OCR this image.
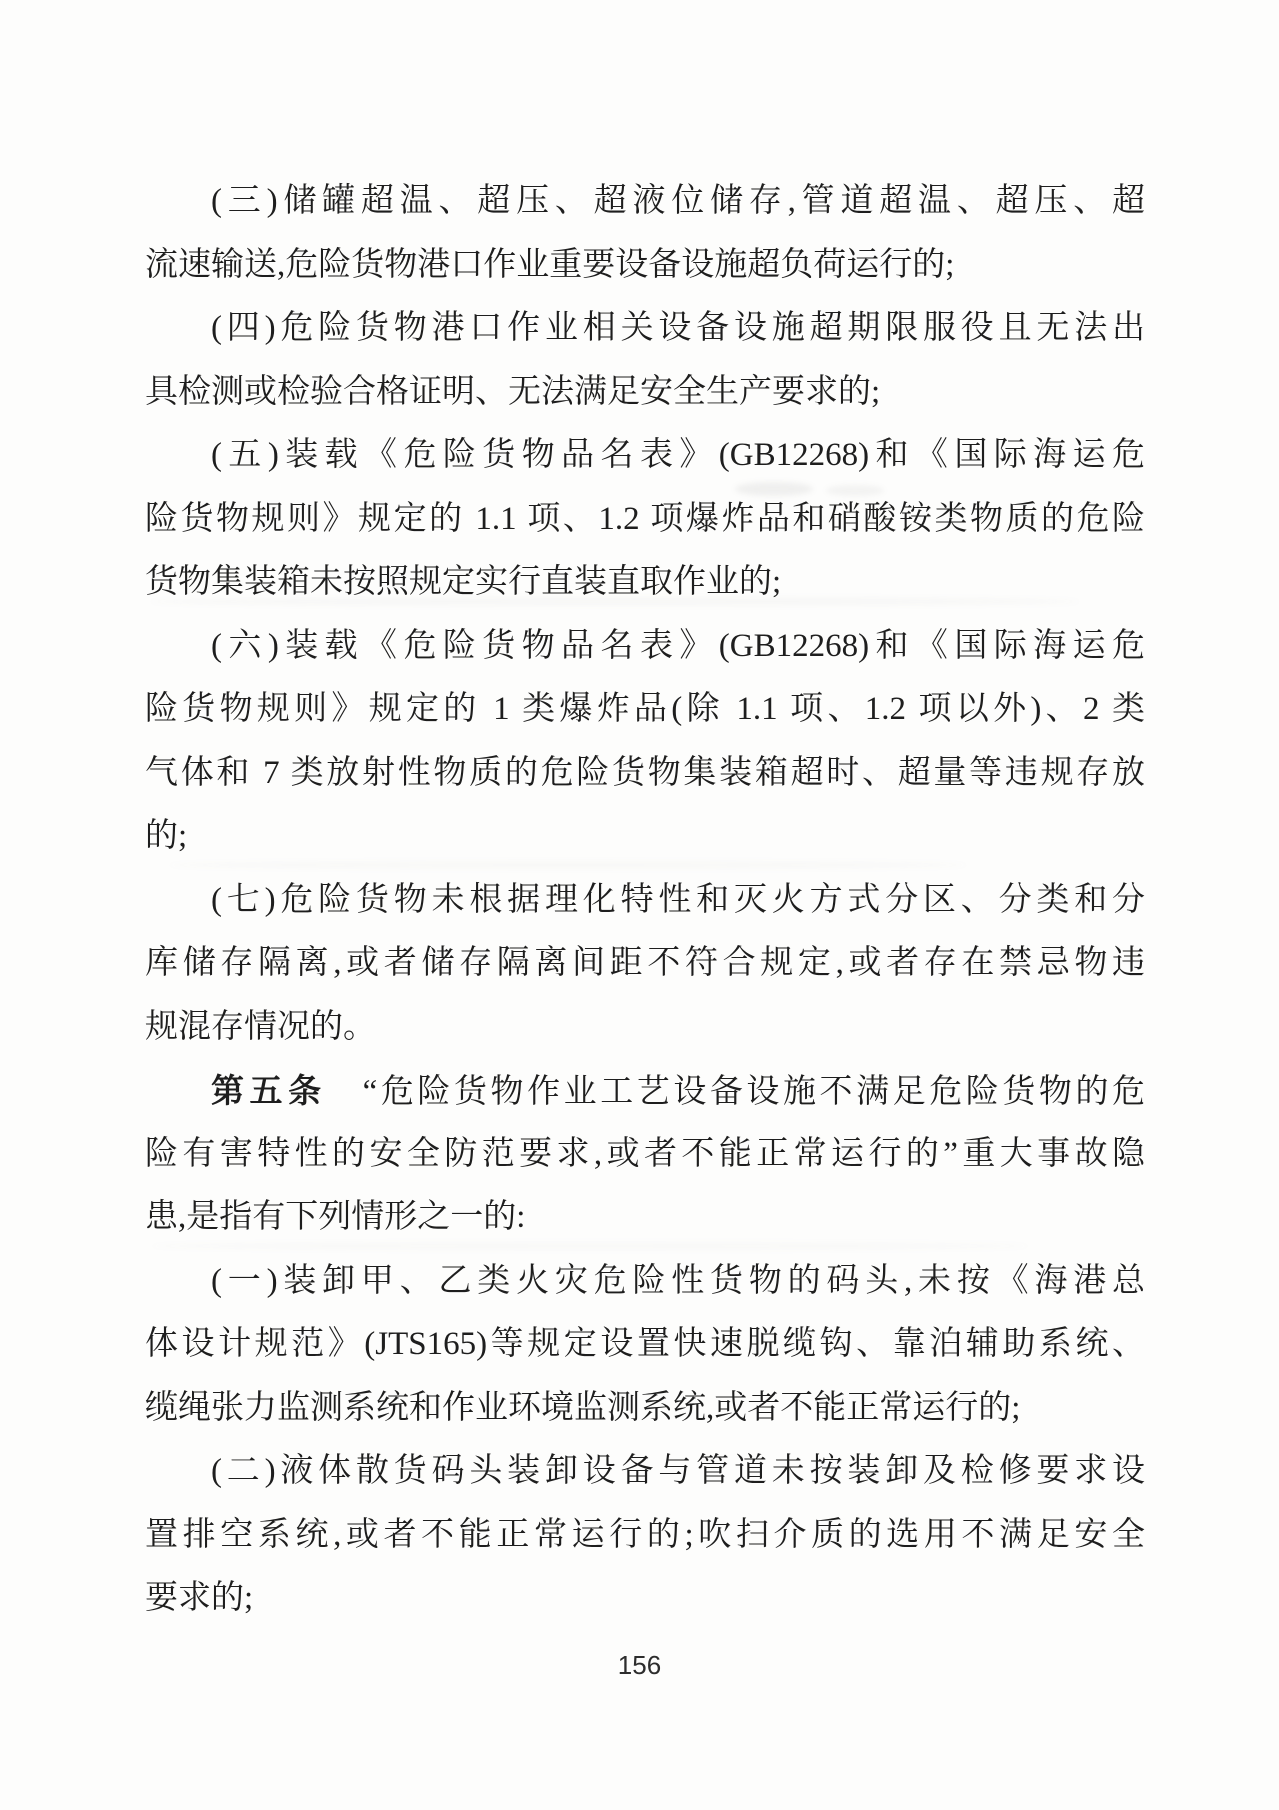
(三)储罐超温、超压、超液位储存,管道超温、超压、超
流速输送,危险货物港口作业重要设备设施超负荷运行的;
(四)危险货物港口作业相关设备设施超期限服役且无法出
具检测或检验合格证明、无法满足安全生产要求的;
(五)装载《危险货物品名表》(GB12268)和《国际海运危
险货物规则》规定的 1.1 项、1.2 项爆炸品和硝酸铵类物质的危险
货物集装箱未按照规定实行直装直取作业的;
(六)装载《危险货物品名表》(GB12268)和《国际海运危
险货物规则》规定的 1 类爆炸品(除 1.1 项、1.2 项以外)、2 类
气体和 7 类放射性物质的危险货物集装箱超时、超量等违规存放
的;
(七)危险货物未根据理化特性和灭火方式分区、分类和分
库储存隔离,或者储存隔离间距不符合规定,或者存在禁忌物违
规混存情况的。
第五条 “危险货物作业工艺设备设施不满足危险货物的危
险有害特性的安全防范要求,或者不能正常运行的”重大事故隐
患,是指有下列情形之一的:
(一)装卸甲、乙类火灾危险性货物的码头,未按《海港总
体设计规范》(JTS165)等规定设置快速脱缆钩、靠泊辅助系统、
缆绳张力监测系统和作业环境监测系统,或者不能正常运行的;
(二)液体散货码头装卸设备与管道未按装卸及检修要求设
置排空系统,或者不能正常运行的;吹扫介质的选用不满足安全
要求的;
156
